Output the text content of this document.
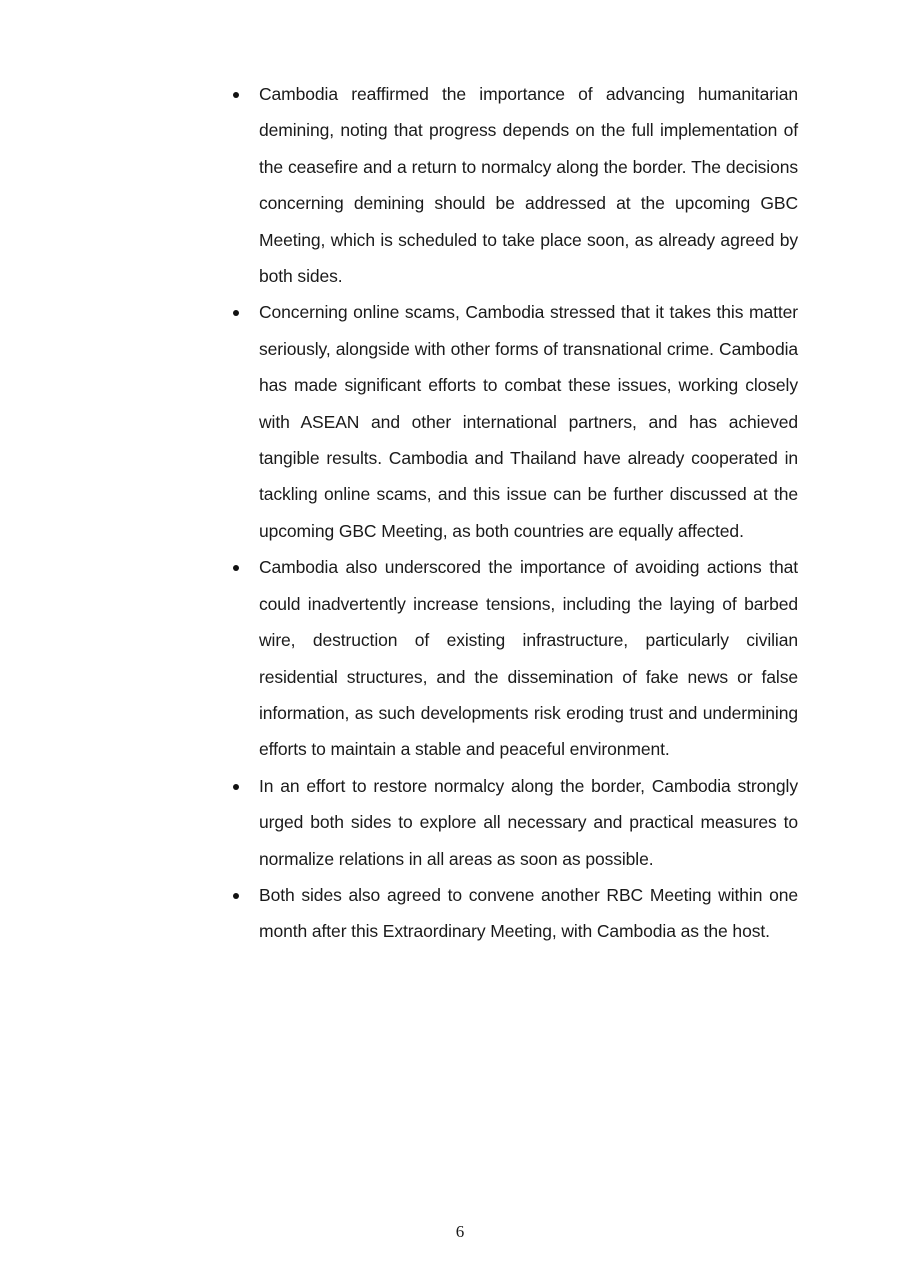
Cambodia reaffirmed the importance of advancing humanitarian demining, noting that progress depends on the full implementation of the ceasefire and a return to normalcy along the border. The decisions concerning demining should be addressed at the upcoming GBC Meeting, which is scheduled to take place soon, as already agreed by both sides.
Concerning online scams, Cambodia stressed that it takes this matter seriously, alongside with other forms of transnational crime. Cambodia has made significant efforts to combat these issues, working closely with ASEAN and other international partners, and has achieved tangible results. Cambodia and Thailand have already cooperated in tackling online scams, and this issue can be further discussed at the upcoming GBC Meeting, as both countries are equally affected.
Cambodia also underscored the importance of avoiding actions that could inadvertently increase tensions, including the laying of barbed wire, destruction of existing infrastructure, particularly civilian residential structures, and the dissemination of fake news or false information, as such developments risk eroding trust and undermining efforts to maintain a stable and peaceful environment.
In an effort to restore normalcy along the border, Cambodia strongly urged both sides to explore all necessary and practical measures to normalize relations in all areas as soon as possible.
Both sides also agreed to convene another RBC Meeting within one month after this Extraordinary Meeting, with Cambodia as the host.
6
